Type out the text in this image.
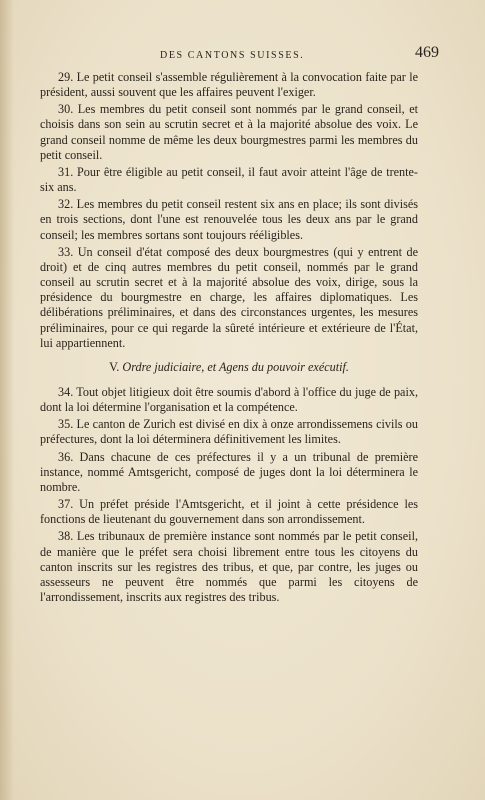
DES CANTONS SUISSES.	469

29. Le petit conseil s'assemble régulièrement à la convocation faite par le président, aussi souvent que les affaires peuvent l'exiger.

30. Les membres du petit conseil sont nommés par le grand conseil, et choisis dans son sein au scrutin secret et à la majorité absolue des voix. Le grand conseil nomme de même les deux bourgmestres parmi les membres du petit conseil.

31. Pour être éligible au petit conseil, il faut avoir atteint l'âge de trente-six ans.

32. Les membres du petit conseil restent six ans en place; ils sont divisés en trois sections, dont l'une est renouvelée tous les deux ans par le grand conseil; les membres sortans sont toujours rééligibles.

33. Un conseil d'état composé des deux bourgmestres (qui y entrent de droit) et de cinq autres membres du petit conseil, nommés par le grand conseil au scrutin secret et à la majorité absolue des voix, dirige, sous la présidence du bourgmestre en charge, les affaires diplomatiques. Les délibérations préliminaires, et dans des circonstances urgentes, les mesures préliminaires, pour ce qui regarde la sûreté intérieure et extérieure de l'État, lui appartiennent.

V. Ordre judiciaire, et Agens du pouvoir exécutif.

34. Tout objet litigieux doit être soumis d'abord à l'office du juge de paix, dont la loi détermine l'organisation et la compétence.

35. Le canton de Zurich est divisé en dix à onze arrondissemens civils ou préfectures, dont la loi déterminera définitivement les limites.

36. Dans chacune de ces préfectures il y a un tribunal de première instance, nommé Amtsgericht, composé de juges dont la loi déterminera le nombre.

37. Un préfet préside l'Amtsgericht, et il joint à cette présidence les fonctions de lieutenant du gouvernement dans son arrondissement.

38. Les tribunaux de première instance sont nommés par le petit conseil, de manière que le préfet sera choisi librement entre tous les citoyens du canton inscrits sur les registres des tribus, et que, par contre, les juges ou assesseurs ne peuvent être nommés que parmi les citoyens de l'arrondissement, inscrits aux registres des tribus.
